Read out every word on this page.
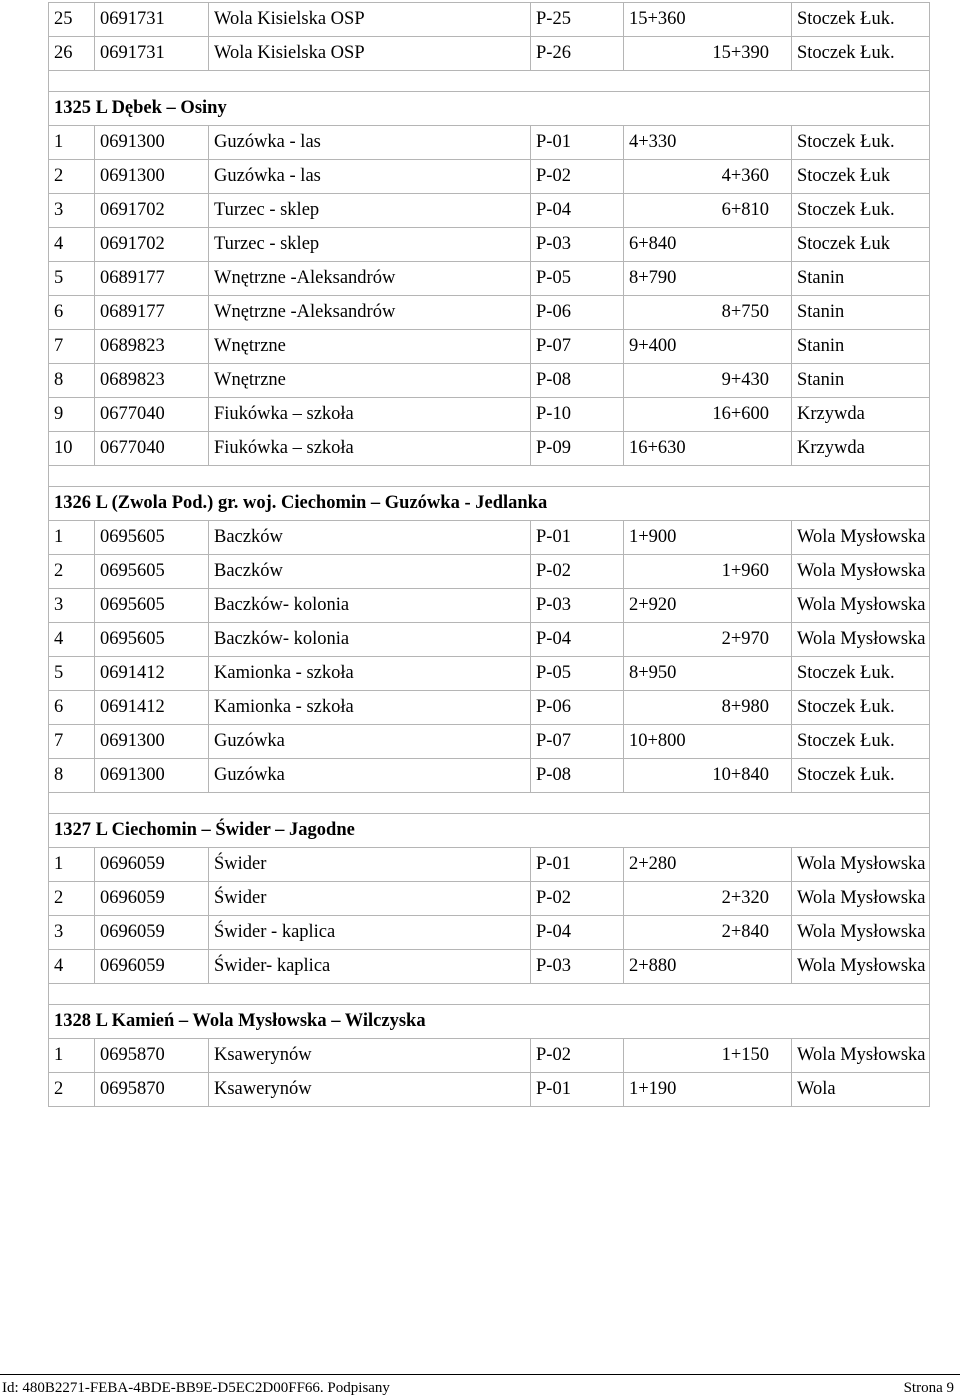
25	0691731	Wola Kisielska OSP	P-25	15+360	Stoczek Łuk.
26	0691731	Wola Kisielska OSP	P-26	15+390	Stoczek Łuk.

1325 L Dębek – Osiny					
1	0691300	Guzówka - las	P-01	4+330	Stoczek Łuk.
2	0691300	Guzówka - las	P-02	4+360	Stoczek Łuk
3	0691702	Turzec - sklep	P-04	6+810	Stoczek Łuk.
4	0691702	Turzec - sklep	P-03	6+840	Stoczek Łuk
5	0689177	Wnętrzne -Aleksandrów	P-05	8+790	Stanin
6	0689177	Wnętrzne -Aleksandrów	P-06	8+750	Stanin
7	0689823	Wnętrzne	P-07	9+400	Stanin
8	0689823	Wnętrzne	P-08	9+430	Stanin
9	0677040	Fiukówka – szkoła	P-10	16+600	Krzywda
10	0677040	Fiukówka – szkoła	P-09	16+630	Krzywda

1326 L (Zwola Pod.) gr. woj. Ciechomin – Guzówka - Jedlanka					
1	0695605	Baczków	P-01	1+900	Wola Mysłowska
2	0695605	Baczków	P-02	1+960	Wola Mysłowska
3	0695605	Baczków- kolonia	P-03	2+920	Wola Mysłowska
4	0695605	Baczków- kolonia	P-04	2+970	Wola Mysłowska
5	0691412	Kamionka - szkoła	P-05	8+950	Stoczek Łuk.
6	0691412	Kamionka - szkoła	P-06	8+980	Stoczek Łuk.
7	0691300	Guzówka	P-07	10+800	Stoczek Łuk.
8	0691300	Guzówka	P-08	10+840	Stoczek Łuk.

1327 L Ciechomin – Świder – Jagodne					
1	0696059	Świder	P-01	2+280	Wola Mysłowska
2	0696059	Świder	P-02	2+320	Wola Mysłowska
3	0696059	Świder - kaplica	P-04	2+840	Wola Mysłowska
4	0696059	Świder- kaplica	P-03	2+880	Wola Mysłowska

1328 L Kamień – Wola Mysłowska – Wilczyska					
1	0695870	Ksawerynów	P-02	1+150	Wola Mysłowska
2	0695870	Ksawerynów	P-01	1+190	Wola
Id: 480B2271-FEBA-4BDE-BB9E-D5EC2D00FF66. Podpisany	Strona 9
